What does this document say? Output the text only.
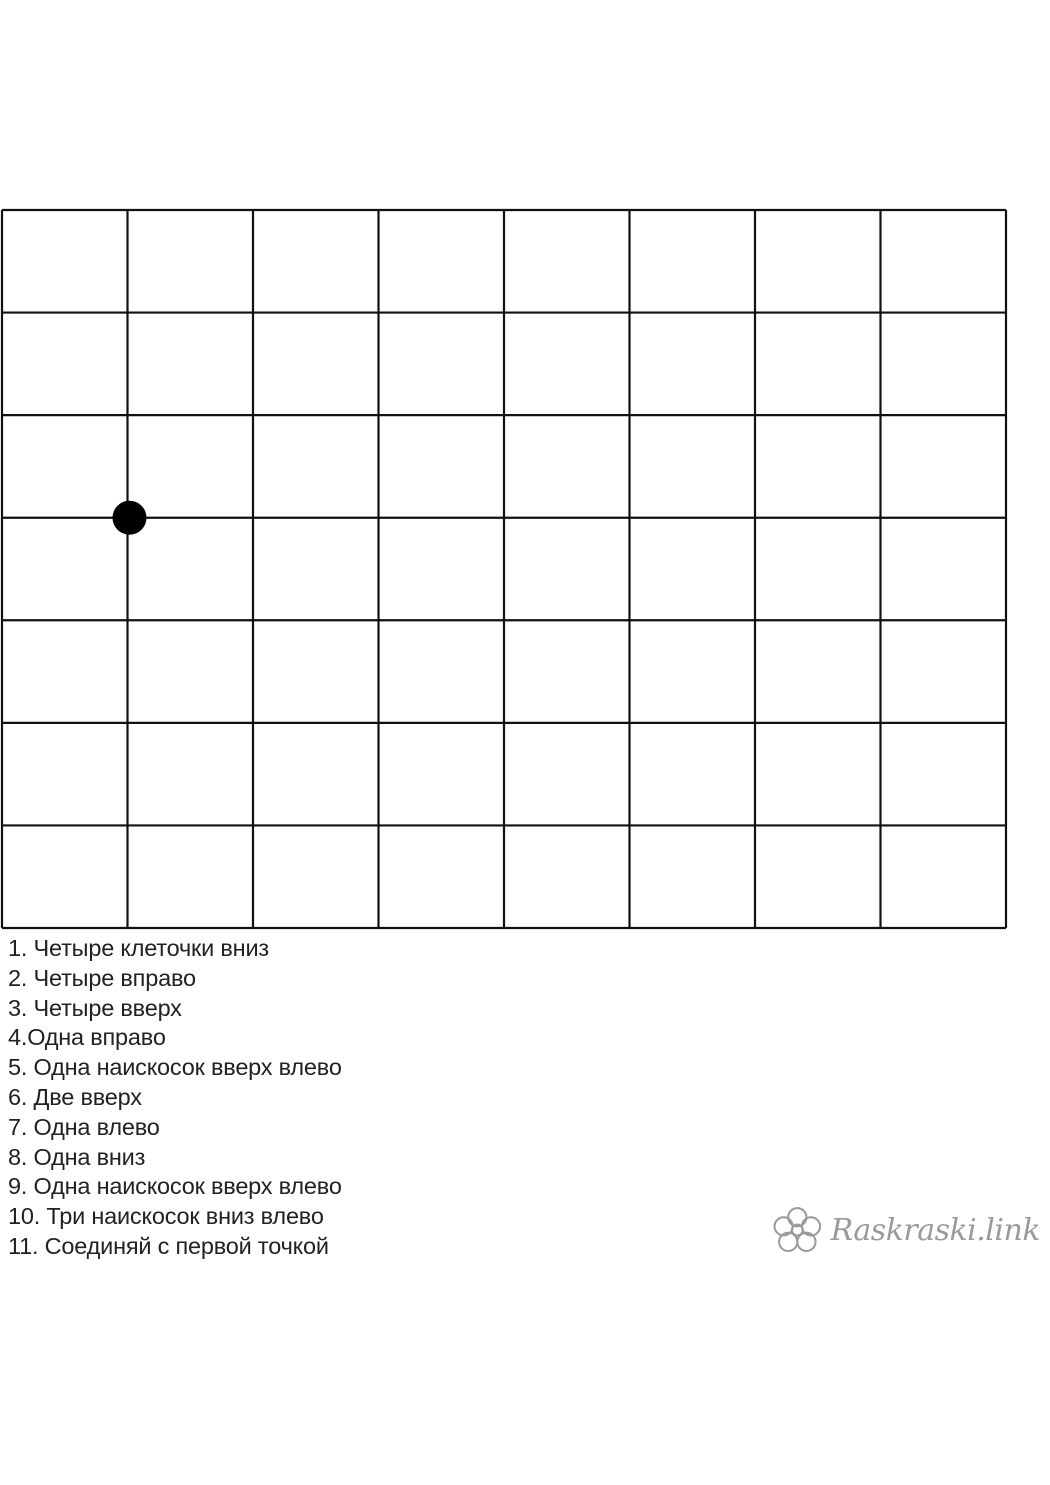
1. Четыре клеточки вниз
2. Четыре вправо
3. Четыре вверх
4.Одна вправо
5. Одна наискосок вверх влево
6. Две вверх
7. Одна влево
8. Одна вниз
9. Одна наискосок вверх влево
10. Три наискосок вниз влево
11. Соединяй с первой точкой	Raskraski.link
